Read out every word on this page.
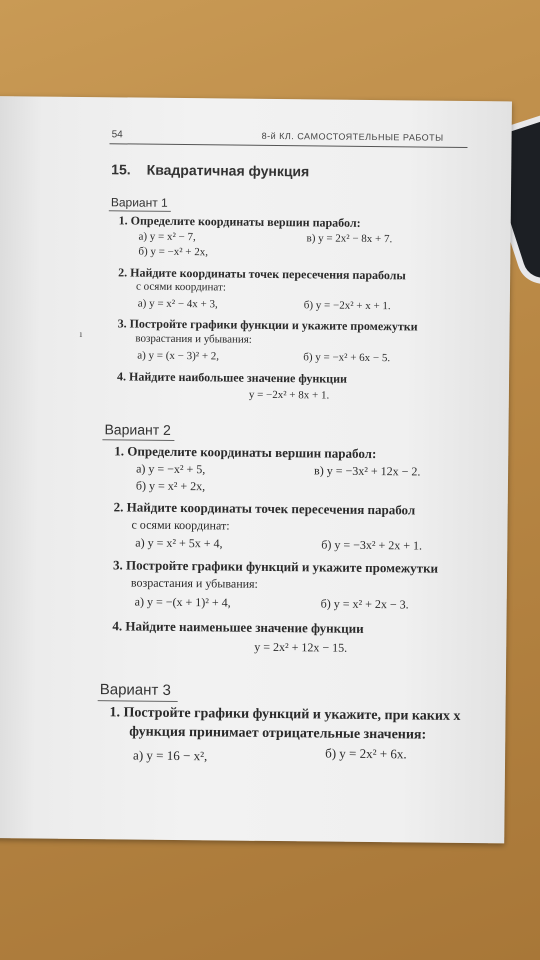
ı
54	8-й КЛ. САМОСТОЯТЕЛЬНЫЕ РАБОТЫ
15. Квадратичная функция
Вариант 1
1. Определите координаты вершин парабол:
а) y = x² − 7,	в) y = 2x² − 8x + 7.
б) y = −x² + 2x,
2. Найдите координаты точек пересечения параболы
с осями координат:
а) y = x² − 4x + 3,	б) y = −2x² + x + 1.
3. Постройте графики функции и укажите промежутки
возрастания и убывания:
а) y = (x − 3)² + 2,	б) y = −x² + 6x − 5.
4. Найдите наибольшее значение функции
y = −2x² + 8x + 1.
Вариант 2
1. Определите координаты вершин парабол:
а) y = −x² + 5,	в) y = −3x² + 12x − 2.
б) y = x² + 2x,
2. Найдите координаты точек пересечения парабол
с осями координат:
а) y = x² + 5x + 4,	б) y = −3x² + 2x + 1.
3. Постройте графики функций и укажите промежутки
возрастания и убывания:
а) y = −(x + 1)² + 4,	б) y = x² + 2x − 3.
4. Найдите наименьшее значение функции
y = 2x² + 12x − 15.
Вариант 3
1. Постройте графики функций и укажите, при каких x
функция принимает отрицательные значения:
а) y = 16 − x²,	б) y = 2x² + 6x.
